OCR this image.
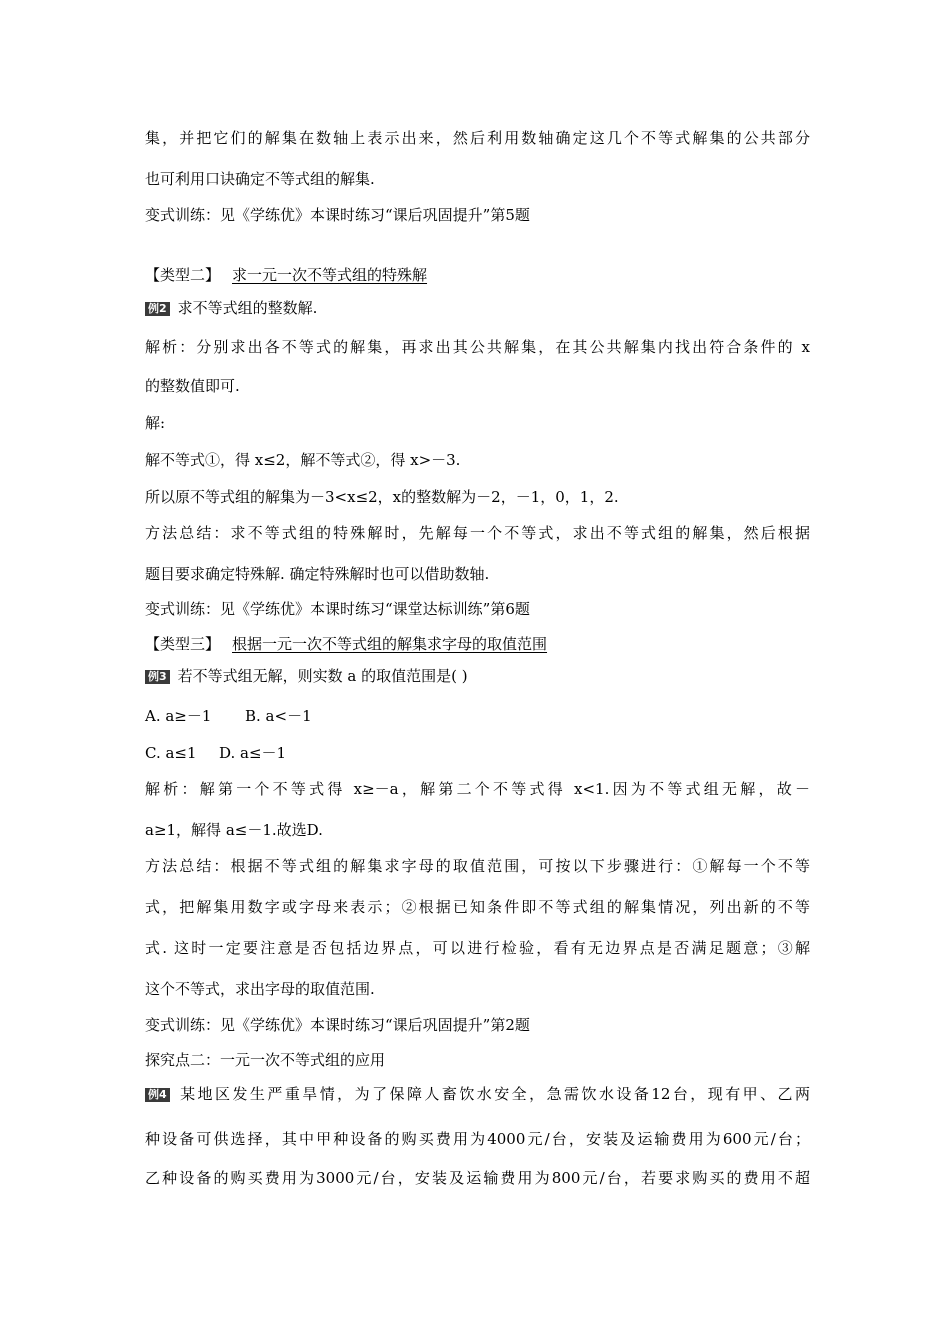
集，并把它们的解集在数轴上表示出来，然后利用数轴确定这几个不等式解集的公共部分
也可利用口诀确定不等式组的解集.
变式训练：见《学练优》本课时练习“课后巩固提升”第5题
【类型二】 求一元一次不等式组的特殊解
例2 求不等式组的整数解.
解析：分别求出各不等式的解集，再求出其公共解集，在其公共解集内找出符合条件的 x
的整数值即可.
解:
解不等式①，得 x≤2，解不等式②，得 x>－3.
所以原不等式组的解集为－3<x≤2，x的整数解为－2，－1，0，1，2.
方法总结：求不等式组的特殊解时，先解每一个不等式，求出不等式组的解集，然后根据
题目要求确定特殊解. 确定特殊解时也可以借助数轴.
变式训练：见《学练优》本课时练习“课堂达标训练”第6题
【类型三】 根据一元一次不等式组的解集求字母的取值范围
例3 若不等式组无解，则实数 a 的取值范围是( )
A. a≥－1 B. a<－1
C. a≤1 D. a≤－1
解析：解第一个不等式得 x≥－a，解第二个不等式得 x<1.因为不等式组无解，故－
a≥1，解得 a≤－1.故选D.
方法总结：根据不等式组的解集求字母的取值范围，可按以下步骤进行：①解每一个不等
式，把解集用数字或字母来表示；②根据已知条件即不等式组的解集情况，列出新的不等
式. 这时一定要注意是否包括边界点，可以进行检验，看有无边界点是否满足题意；③解
这个不等式，求出字母的取值范围.
变式训练：见《学练优》本课时练习“课后巩固提升”第2题
探究点二：一元一次不等式组的应用
例4 某地区发生严重旱情，为了保障人畜饮水安全，急需饮水设备12台，现有甲、乙两
种设备可供选择，其中甲种设备的购买费用为4000元/台，安装及运输费用为600元/台；
乙种设备的购买费用为3000元/台，安装及运输费用为800元/台，若要求购买的费用不超
